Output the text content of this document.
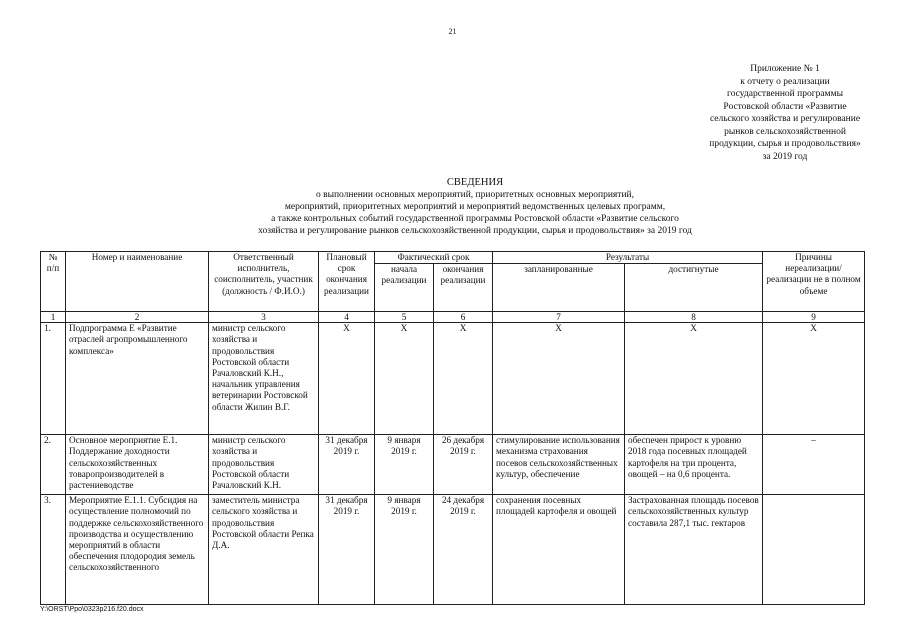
21
Приложение № 1
к отчету о реализации
государственной программы
Ростовской области «Развитие
сельского хозяйства и регулирование
рынков сельскохозяйственной
продукции, сырья и продовольствия»
за 2019 год
СВЕДЕНИЯ
о выполнении основных мероприятий, приоритетных основных мероприятий,
мероприятий, приоритетных мероприятий и мероприятий ведомственных целевых программ,
а также контрольных событий государственной программы Ростовской области «Развитие сельского
хозяйства и регулирование рынков сельскохозяйственной продукции, сырья и продовольствия» за 2019 год
№ п/п	Номер и наименование	Ответственный исполнитель, соисполнитель, участник (должность / Ф.И.О.)	Плановый срок окончания реализации	Фактический срок		Результаты		Причины нереализации/ реализации не в полном объеме
				начала реализации	окончания реализации	запланированные	достигнутые	
1	2	3	4	5	6	7	8	9
1.	Подпрограмма Е «Развитие отраслей агропромышленного комплекса»	министр сельского хозяйства и продовольствия Ростовской области Рачаловский К.Н., начальник управления ветеринарии Ростовской области Жилин В.Г.	Х	Х	Х	Х	Х	Х
2.	Основное мероприятие Е.1. Поддержание доходности сельскохозяйственных товаропроизводителей в растениеводстве	министр сельского хозяйства и продовольствия Ростовской области Рачаловский К.Н.	31 декабря 2019 г.	9 января 2019 г.	26 декабря 2019 г.	стимулирование использования механизма страхования посевов сельскохозяйственных культур, обеспечение	обеспечен прирост к уровню 2018 года посевных площадей картофеля на три процента, овощей – на 0,6 процента.	–
3.	Мероприятие Е.1.1. Субсидия на осуществление полномочий по поддержке сельскохозяйственного производства и осуществлению мероприятий в области обеспечения плодородия земель сельскохозяйственного	заместитель министра сельского хозяйства и продовольствия Ростовской области Репка Д.А.	31 декабря 2019 г.	9 января 2019 г.	24 декабря 2019 г.	сохранения посевных площадей картофеля и овощей	Застрахованная площадь посевов сельскохозяйственных культур составила 287,1 тыс. гектаров	
Y:\ORST\Ppo\0323p216.f20.docx
